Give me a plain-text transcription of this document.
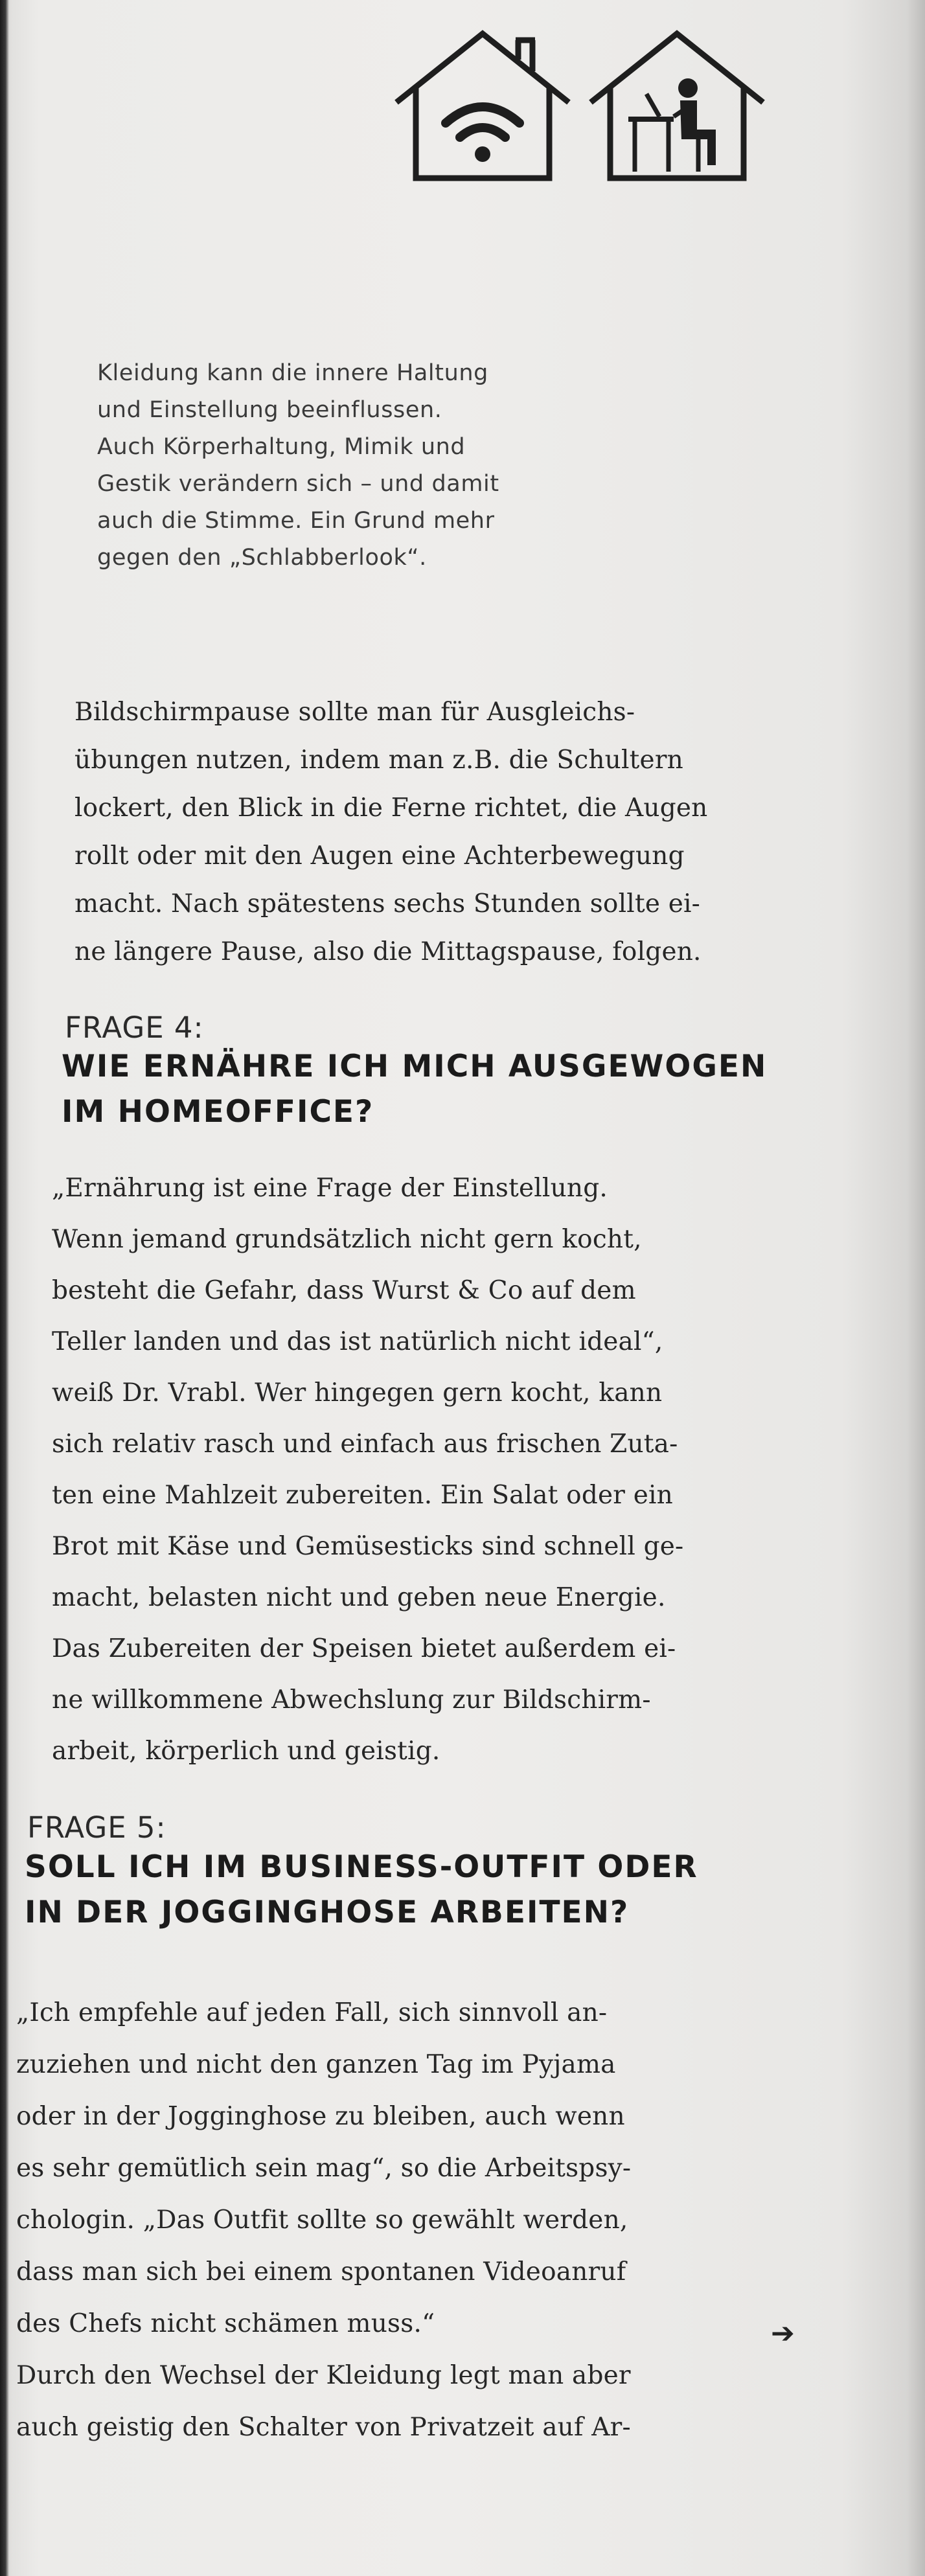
Kleidung kann die innere Haltung
und Einstellung beeinflussen.
Auch Körperhaltung, Mimik und
Gestik verändern sich – und damit
auch die Stimme. Ein Grund mehr
gegen den „Schlabberlook“.
Bildschirmpause sollte man für Ausgleichs-
übungen nutzen, indem man z.B. die Schultern
lockert, den Blick in die Ferne richtet, die Augen
rollt oder mit den Augen eine Achterbewegung
macht. Nach spätestens sechs Stunden sollte ei-
ne längere Pause, also die Mittagspause, folgen.
FRAGE 4:
WIE ERNÄHRE ICH MICH AUSGEWOGEN
IM HOMEOFFICE?
„Ernährung ist eine Frage der Einstellung.
Wenn jemand grundsätzlich nicht gern kocht,
besteht die Gefahr, dass Wurst & Co auf dem
Teller landen und das ist natürlich nicht ideal“,
weiß Dr. Vrabl. Wer hingegen gern kocht, kann
sich relativ rasch und einfach aus frischen Zuta-
ten eine Mahlzeit zubereiten. Ein Salat oder ein
Brot mit Käse und Gemüsesticks sind schnell ge-
macht, belasten nicht und geben neue Energie.
Das Zubereiten der Speisen bietet außerdem ei-
ne willkommene Abwechslung zur Bildschirm-
arbeit, körperlich und geistig.
FRAGE 5:
SOLL ICH IM BUSINESS-OUTFIT ODER
IN DER JOGGINGHOSE ARBEITEN?
„Ich empfehle auf jeden Fall, sich sinnvoll an-
zuziehen und nicht den ganzen Tag im Pyjama
oder in der Jogginghose zu bleiben, auch wenn
es sehr gemütlich sein mag“, so die Arbeitspsy-
chologin. „Das Outfit sollte so gewählt werden,
dass man sich bei einem spontanen Videoanruf
des Chefs nicht schämen muss.“
Durch den Wechsel der Kleidung legt man aber
auch geistig den Schalter von Privatzeit auf Ar-
➔
